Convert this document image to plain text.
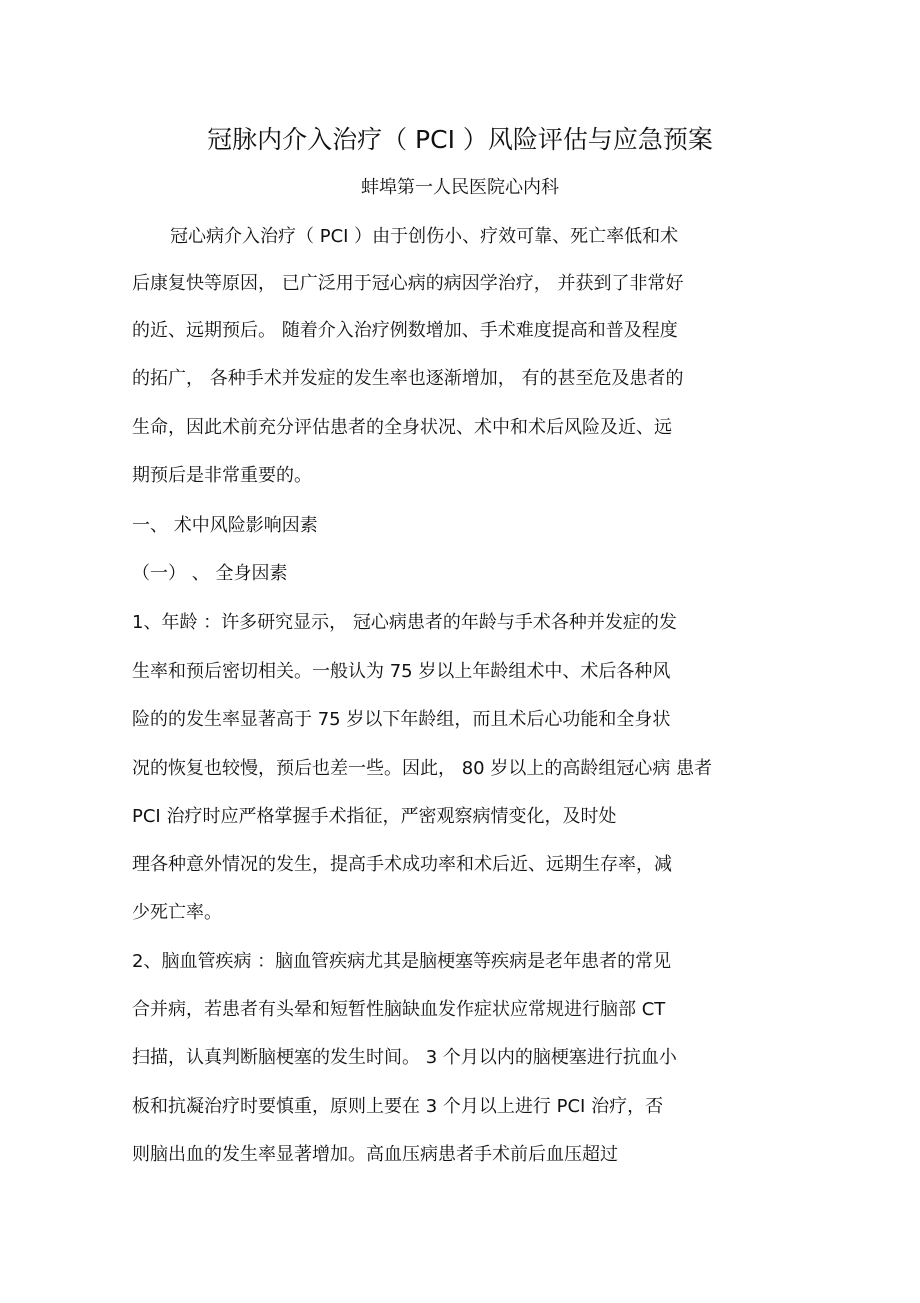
冠脉内介入治疗（ PCI ）风险评估与应急预案
蚌埠第一人民医院心内科
冠心病介入治疗（ PCI ）由于创伤小、疗效可靠、死亡率低和术
后康复快等原因， 已广泛用于冠心病的病因学治疗， 并获到了非常好
的近、远期预后。 随着介入治疗例数增加、手术难度提高和普及程度
的拓广， 各种手术并发症的发生率也逐渐增加， 有的甚至危及患者的
生命，因此术前充分评估患者的全身状况、术中和术后风险及近、远
期预后是非常重要的。
一、 术中风险影响因素
（一） 、 全身因素
1、年龄 ：许多研究显示， 冠心病患者的年龄与手术各种并发症的发
生率和预后密切相关。一般认为 75 岁以上年龄组术中、术后各种风
险的的发生率显著高于 75 岁以下年龄组，而且术后心功能和全身状
况的恢复也较慢，预后也差一些。因此， 80 岁以上的高龄组冠心病 患者
PCI 治疗时应严格掌握手术指征，严密观察病情变化，及时处
理各种意外情况的发生，提高手术成功率和术后近、远期生存率，减
少死亡率。
2、脑血管疾病 ：脑血管疾病尤其是脑梗塞等疾病是老年患者的常见
合并病，若患者有头晕和短暂性脑缺血发作症状应常规进行脑部 CT
扫描，认真判断脑梗塞的发生时间。 3 个月以内的脑梗塞进行抗血小
板和抗凝治疗时要慎重，原则上要在 3 个月以上进行 PCI 治疗，否
则脑出血的发生率显著增加。高血压病患者手术前后血压超过
